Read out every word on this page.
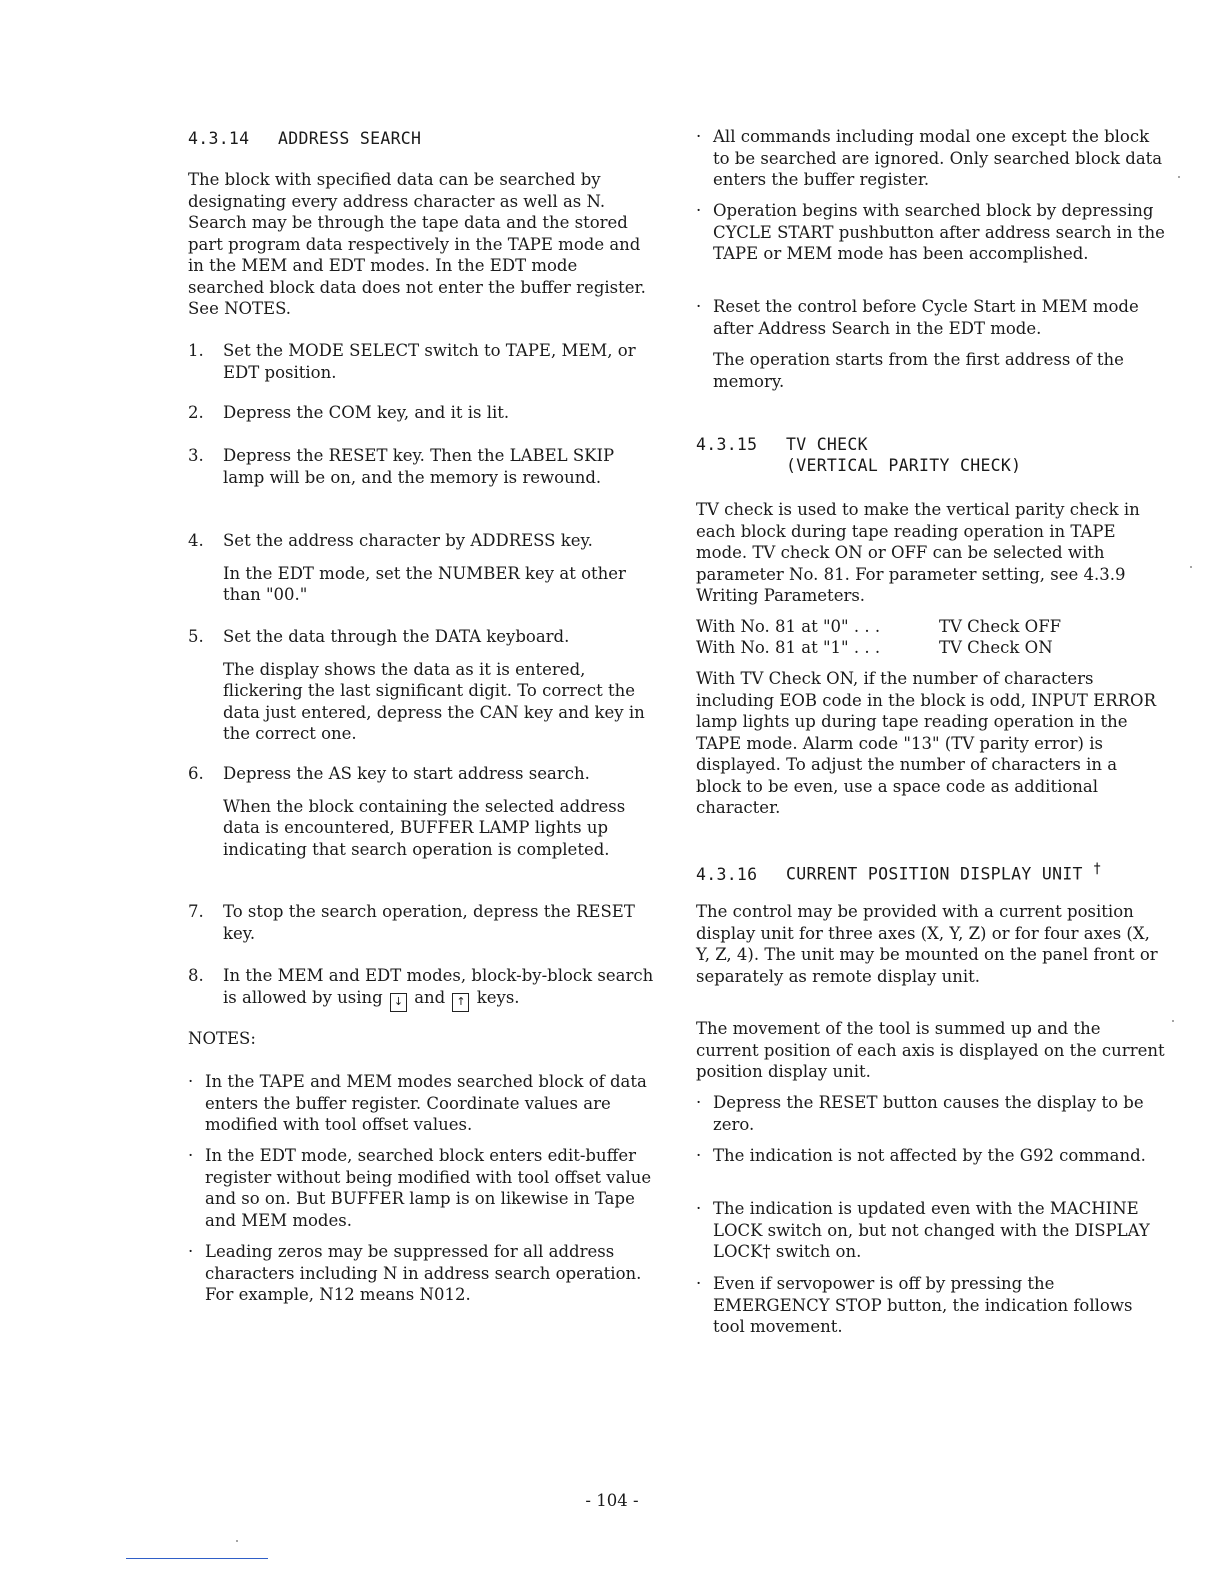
4.3.14 ADDRESS SEARCH

The block with specified data can be searched by designating every address character as well as N. Search may be through the tape data and the stored part program data respectively in the TAPE mode and in the MEM and EDT modes. In the EDT mode searched block data does not enter the buffer register. See NOTES.

1. Set the MODE SELECT switch to TAPE, MEM, or EDT position.
2. Depress the COM key, and it is lit.
3. Depress the RESET key. Then the LABEL SKIP lamp will be on, and the memory is rewound.
4. Set the address character by ADDRESS key.
In the EDT mode, set the NUMBER key at other than "00."
5. Set the data through the DATA keyboard.
The display shows the data as it is entered, flickering the last significant digit. To correct the data just entered, depress the CAN key and key in the correct one.
6. Depress the AS key to start address search.
When the block containing the selected address data is encountered, BUFFER LAMP lights up indicating that search operation is completed.
7. To stop the search operation, depress the RESET key.
8. In the MEM and EDT modes, block-by-block search is allowed by using ↓ and ↑ keys.

NOTES:

· In the TAPE and MEM modes searched block of data enters the buffer register. Coordinate values are modified with tool offset values.
· In the EDT mode, searched block enters edit-buffer register without being modified with tool offset value and so on. But BUFFER lamp is on likewise in Tape and MEM modes.
· Leading zeros may be suppressed for all address characters including N in address search operation. For example, N12 means N012.
· All commands including modal one except the block to be searched are ignored. Only searched block data enters the buffer register.
· Operation begins with searched block by depressing CYCLE START pushbutton after address search in the TAPE or MEM mode has been accomplished.
· Reset the control before Cycle Start in MEM mode after Address Search in the EDT mode.
The operation starts from the first address of the memory.
4.3.15 TV CHECK
(VERTICAL PARITY CHECK)

TV check is used to make the vertical parity check in each block during tape reading operation in TAPE mode. TV check ON or OFF can be selected with parameter No. 81. For parameter setting, see 4.3.9 Writing Parameters.

With No. 81 at "0" . . .	TV Check OFF
With No. 81 at "1" . . .	TV Check ON

With TV Check ON, if the number of characters including EOB code in the block is odd, INPUT ERROR lamp lights up during tape reading operation in the TAPE mode. Alarm code "13" (TV parity error) is displayed. To adjust the number of characters in a block to be even, use a space code as additional character.

4.3.16 CURRENT POSITION DISPLAY UNIT †

The control may be provided with a current position display unit for three axes (X, Y, Z) or for four axes (X, Y, Z, 4). The unit may be mounted on the panel front or separately as remote display unit.

The movement of the tool is summed up and the current position of each axis is displayed on the current position display unit.

· Depress the RESET button causes the display to be zero.
· The indication is not affected by the G92 command.
· The indication is updated even with the MACHINE LOCK switch on, but not changed with the DISPLAY LOCK† switch on.
· Even if servopower is off by pressing the EMERGENCY STOP button, the indication follows tool movement.
- 104 -
